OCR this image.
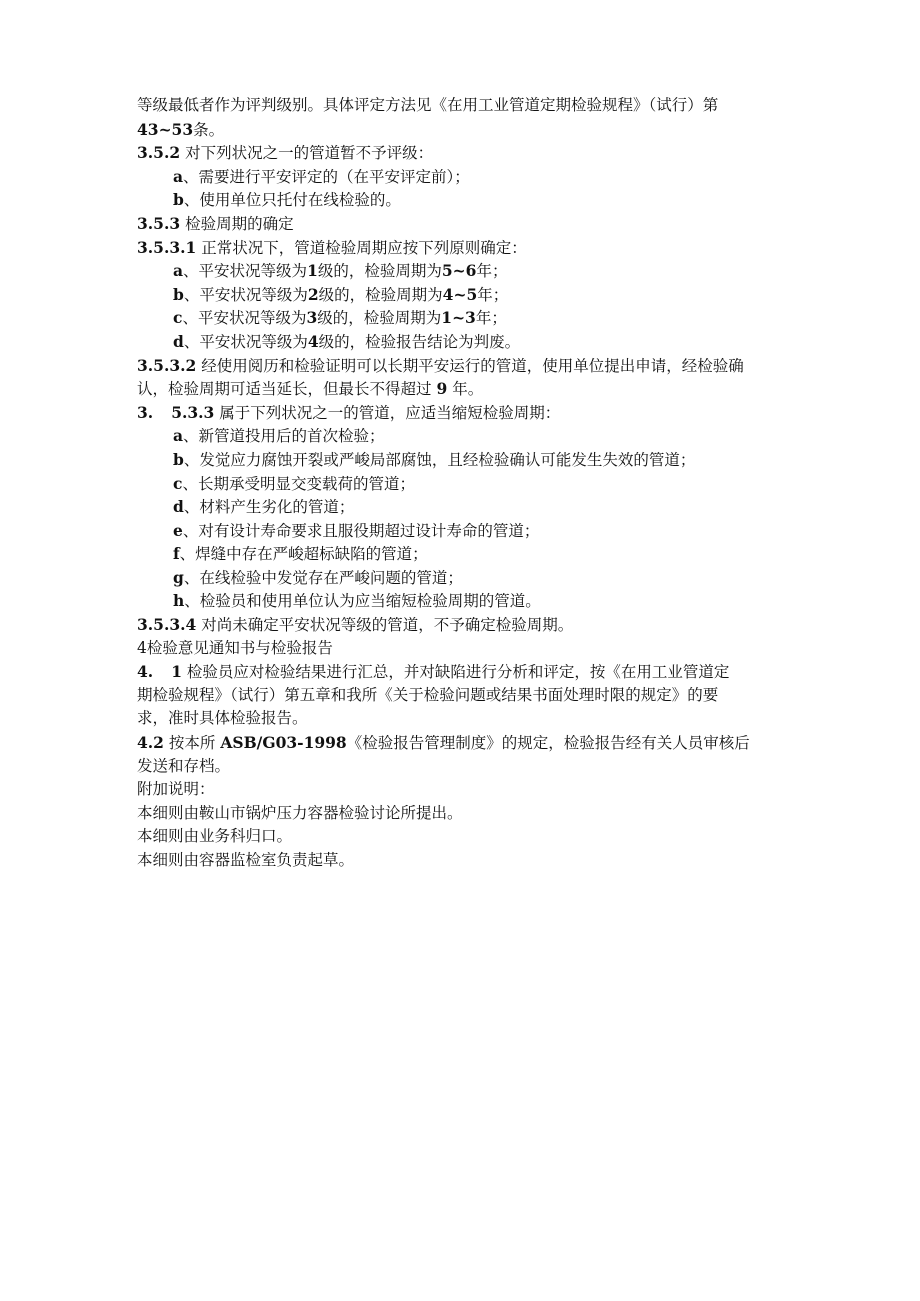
等级最低者作为评判级别。具体评定方法见《在用工业管道定期检验规程》（试行）第
43~53条。
3.5.2 对下列状况之一的管道暂不予评级：
a、需要进行平安评定的（在平安评定前）；
b、使用单位只托付在线检验的。
3.5.3 检验周期的确定
3.5.3.1 正常状况下，管道检验周期应按下列原则确定：
a、平安状况等级为1级的，检验周期为5~6年；
b、平安状况等级为2级的，检验周期为4~5年；
c、平安状况等级为3级的，检验周期为1~3年；
d、平安状况等级为4级的，检验报告结论为判废。
3.5.3.2 经使用阅历和检验证明可以长期平安运行的管道，使用单位提出申请，经检验确
认，检验周期可适当延长，但最长不得超过 9 年。
3. 5.3.3 属于下列状况之一的管道，应适当缩短检验周期：
a、新管道投用后的首次检验；
b、发觉应力腐蚀开裂或严峻局部腐蚀，且经检验确认可能发生失效的管道；
c、长期承受明显交变载荷的管道；
d、材料产生劣化的管道；
e、对有设计寿命要求且服役期超过设计寿命的管道；
f、焊缝中存在严峻超标缺陷的管道；
g、在线检验中发觉存在严峻问题的管道；
h、检验员和使用单位认为应当缩短检验周期的管道。
3.5.3.4 对尚未确定平安状况等级的管道，不予确定检验周期。
4检验意见通知书与检验报告
4. 1 检验员应对检验结果进行汇总，并对缺陷进行分析和评定，按《在用工业管道定
期检验规程》（试行）第五章和我所《关于检验问题或结果书面处理时限的规定》的要
求，准时具体检验报告。
4.2 按本所 ASB/G03-1998《检验报告管理制度》的规定，检验报告经有关人员审核后
发送和存档。
附加说明：
本细则由鞍山市锅炉压力容器检验讨论所提出。
本细则由业务科归口。
本细则由容器监检室负责起草。
